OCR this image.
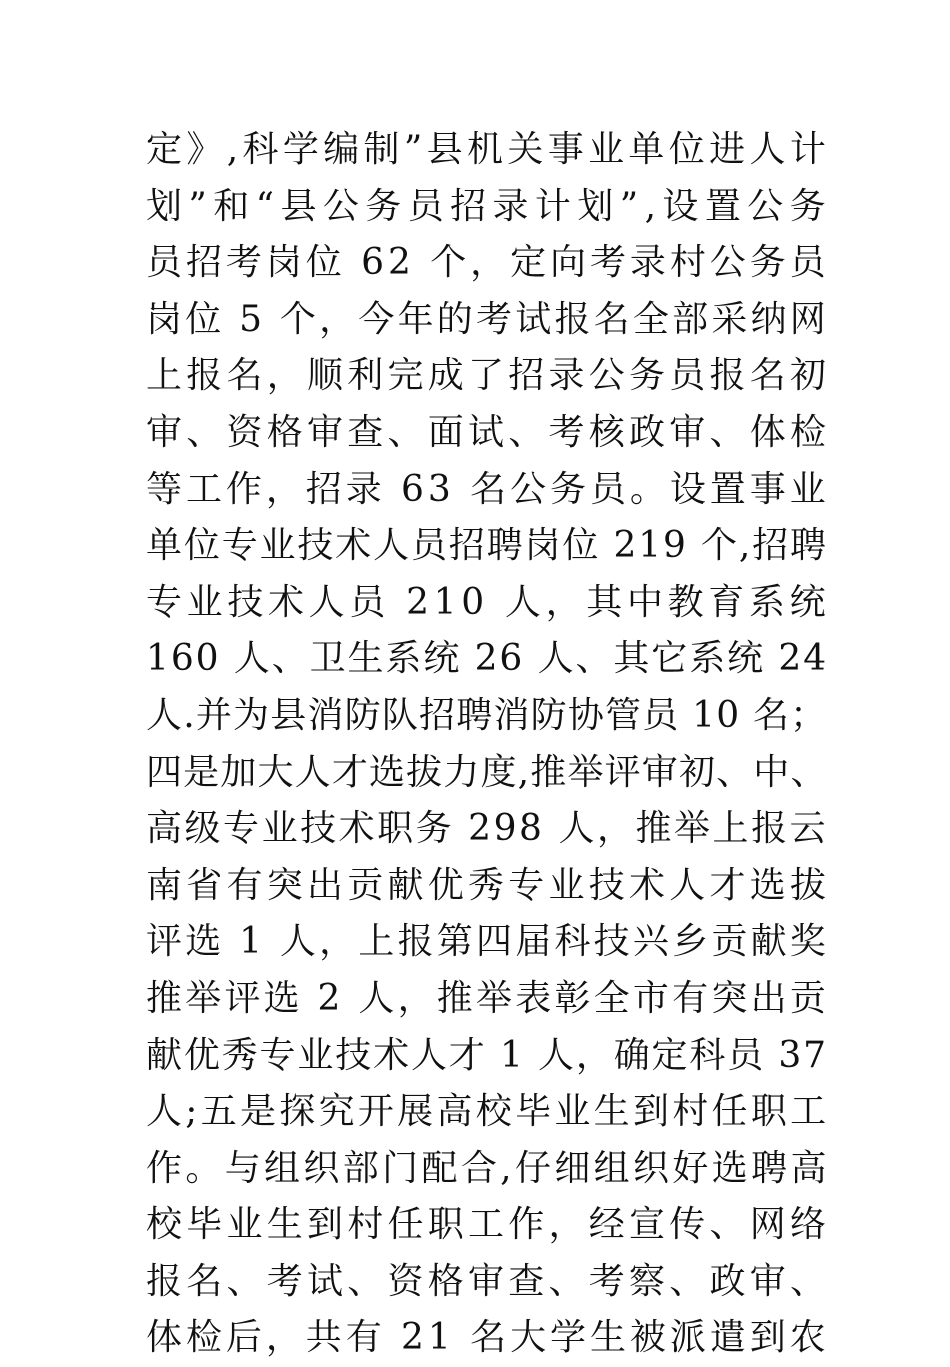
定》,科学编制”县机关事业单位进人计
划”和“县公务员招录计划”,设置公务
员招考岗位 62 个，定向考录村公务员
岗位 5 个，今年的考试报名全部采纳网
上报名，顺利完成了招录公务员报名初
审、资格审查、面试、考核政审、体检
等工作，招录 63 名公务员。设置事业
单位专业技术人员招聘岗位 219 个,招聘
专业技术人员 210 人，其中教育系统
160 人、卫生系统 26 人、其它系统 24
人.并为县消防队招聘消防协管员 10 名；
四是加大人才选拔力度,推举评审初、中、
高级专业技术职务 298 人，推举上报云
南省有突出贡献优秀专业技术人才选拔
评选 1 人，上报第四届科技兴乡贡献奖
推举评选 2 人，推举表彰全市有突出贡
献优秀专业技术人才 1 人，确定科员 37
人;五是探究开展高校毕业生到村任职工
作。与组织部门配合,仔细组织好选聘高
校毕业生到村任职工作，经宣传、网络
报名、考试、资格审查、考察、政审、
体检后，共有 21 名大学生被派遣到农
